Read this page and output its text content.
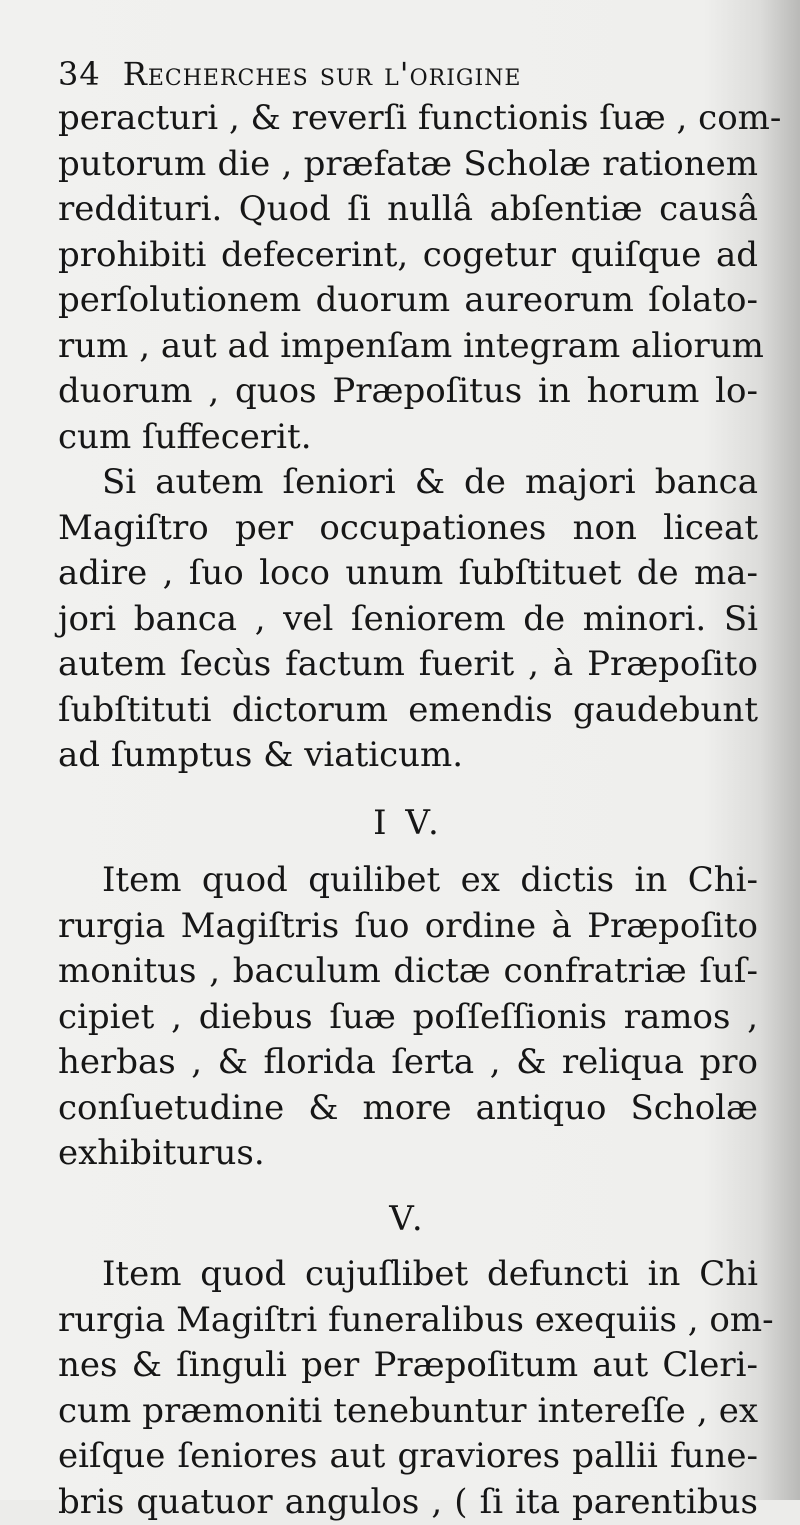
34 Recherches sur l'origine
peracturi , & reverſi functionis ſuæ , com-
putorum die , præfatæ Scholæ rationem
reddituri. Quod ſi nullâ abſentiæ causâ
prohibiti defecerint, cogetur quiſque ad
perſolutionem duorum aureorum ſolato-
rum , aut ad impenſam integram aliorum
duorum , quos Præpoſitus in horum lo-
cum ſuffecerit.
Si autem ſeniori & de majori banca
Magiſtro per occupationes non liceat
adire , ſuo loco unum ſubſtituet de ma-
jori banca , vel ſeniorem de minori. Si
autem ſecùs factum fuerit , à Præpoſito
ſubſtituti dictorum emendis gaudebunt
ad ſumptus & viaticum.
I V.
Item quod quilibet ex dictis in Chi-
rurgia Magiſtris ſuo ordine à Præpoſito
monitus , baculum dictæ confratriæ ſuſ-
cipiet , diebus ſuæ poſſeſſionis ramos ,
herbas , & florida ſerta , & reliqua pro
conſuetudine & more antiquo Scholæ
exhibiturus.
V.
Item quod cujuſlibet defuncti in Chi
rurgia Magiſtri funeralibus exequiis , om-
nes & ſinguli per Præpoſitum aut Cleri-
cum præmoniti tenebuntur intereſſe , ex
eiſque ſeniores aut graviores pallii fune-
bris quatuor angulos , ( ſi ita parentibus
